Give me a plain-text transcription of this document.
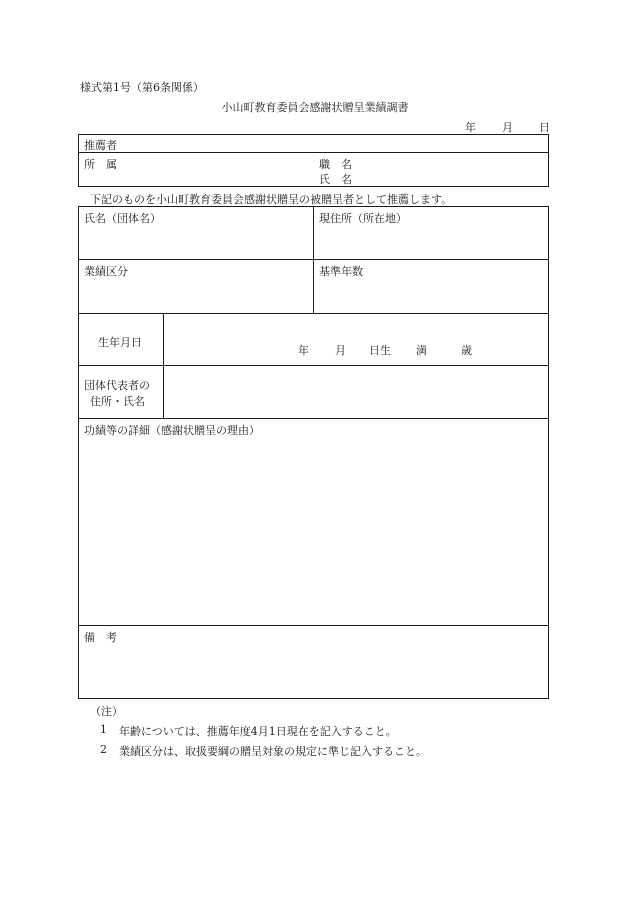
様式第1号（第6条関係）
小山町教育委員会感謝状贈呈業績調書
年 月 日
推薦者
所　属	職　名
氏　名
下記のものを小山町教育委員会感謝状贈呈の被贈呈者として推薦します。
氏名（団体名）	現住所（所在地）
業績区分	基準年数
生年月日
年 月 日生 満	歳
団体代表者の
住所・氏名
功績等の詳細（感謝状贈呈の理由）
備　考
（注）
1 年齢については、推薦年度4月1日現在を記入すること。
2 業績区分は、取扱要綱の贈呈対象の規定に準じ記入すること。
